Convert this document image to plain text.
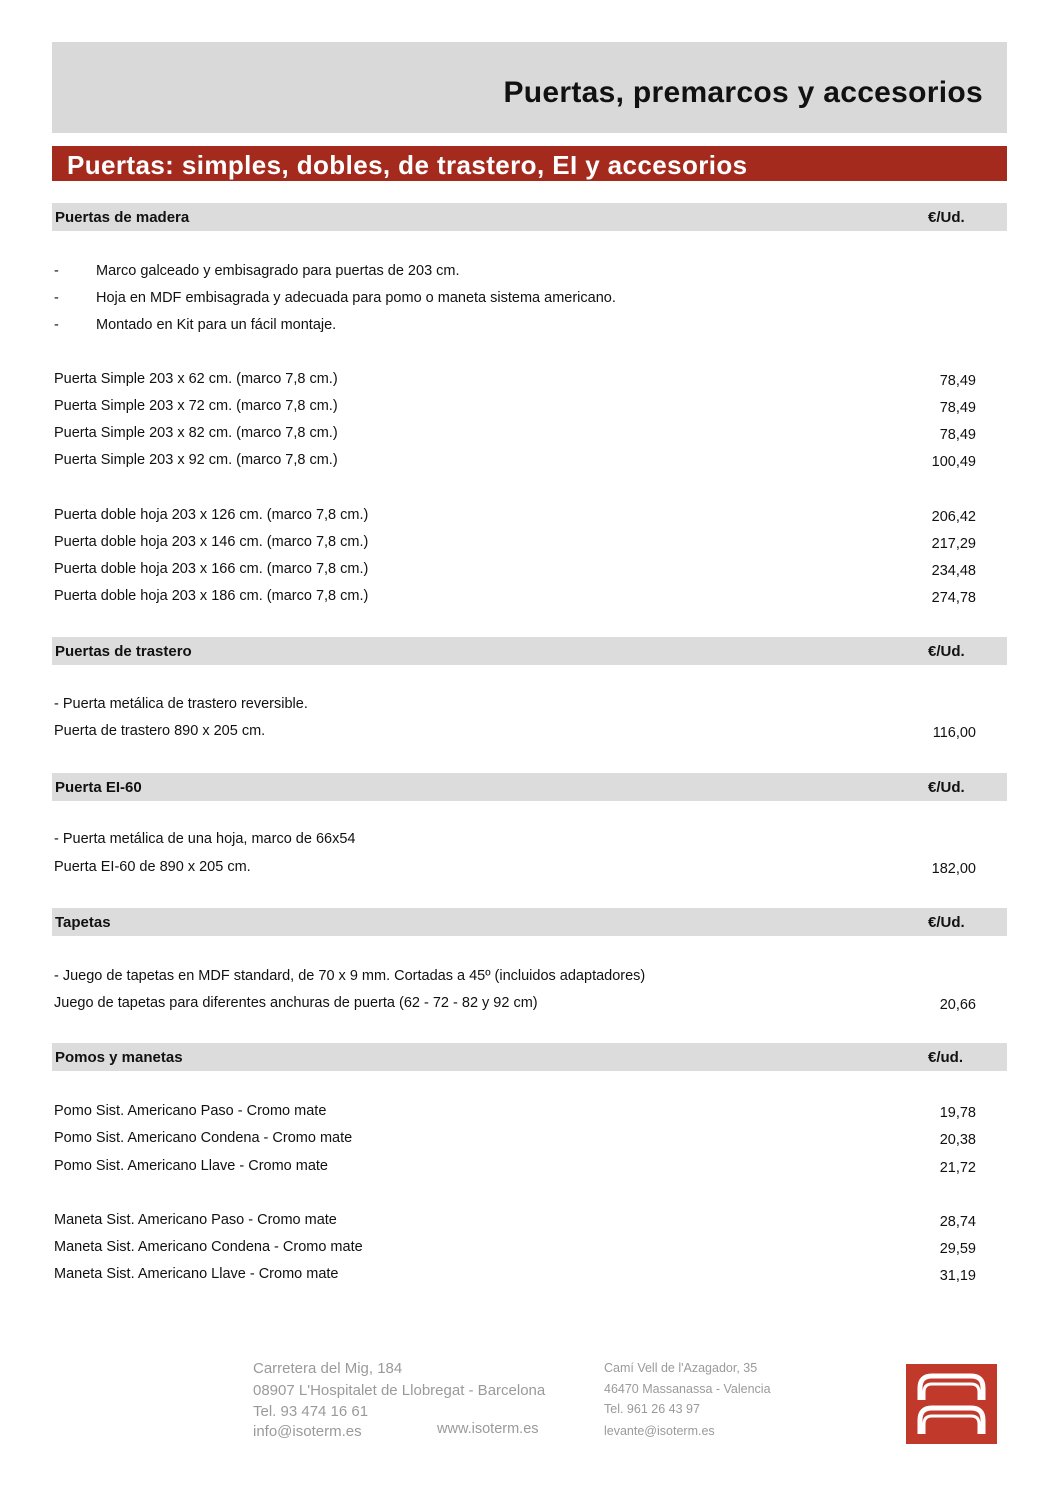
Puertas, premarcos y accesorios
Puertas: simples, dobles, de trastero, EI y accesorios
Puertas de madera	€/Ud.
-	Marco galceado y embisagrado para puertas de 203 cm.
-	Hoja en MDF embisagrada y adecuada para pomo o maneta sistema americano.
-	Montado en Kit para un fácil montaje.
Puerta Simple 203 x 62 cm. (marco 7,8 cm.)	78,49
Puerta Simple 203 x 72 cm. (marco 7,8 cm.)	78,49
Puerta Simple 203 x 82 cm. (marco 7,8 cm.)	78,49
Puerta Simple 203 x 92 cm. (marco 7,8 cm.)	100,49
Puerta doble hoja 203 x 126 cm. (marco 7,8 cm.)	206,42
Puerta doble hoja 203 x 146 cm. (marco 7,8 cm.)	217,29
Puerta doble hoja 203 x 166 cm. (marco 7,8 cm.)	234,48
Puerta doble hoja 203 x 186 cm. (marco 7,8 cm.)	274,78
Puertas de trastero	€/Ud.
- Puerta metálica de trastero reversible.
Puerta de trastero 890 x 205 cm.	116,00
Puerta EI-60	€/Ud.
- Puerta metálica de una hoja, marco de 66x54
Puerta EI-60 de 890 x 205 cm.	182,00
Tapetas	€/Ud.
- Juego de tapetas en MDF standard, de 70 x 9 mm. Cortadas a 45º (incluidos adaptadores)
Juego de tapetas para diferentes anchuras de puerta (62 - 72 - 82 y 92 cm)	20,66
Pomos y manetas	€/ud.
Pomo Sist. Americano Paso - Cromo mate	19,78
Pomo Sist. Americano Condena - Cromo mate	20,38
Pomo Sist. Americano Llave - Cromo mate	21,72
Maneta Sist. Americano Paso - Cromo mate	28,74
Maneta Sist. Americano Condena - Cromo mate	29,59
Maneta Sist. Americano Llave - Cromo mate	31,19
Carretera del Mig, 184
08907 L'Hospitalet de Llobregat - Barcelona
Tel. 93 474 16 61
info@isoterm.es	www.isoterm.es
Camí Vell de l'Azagador, 35
46470 Massanassa - Valencia
Tel. 961 26 43 97
levante@isoterm.es
